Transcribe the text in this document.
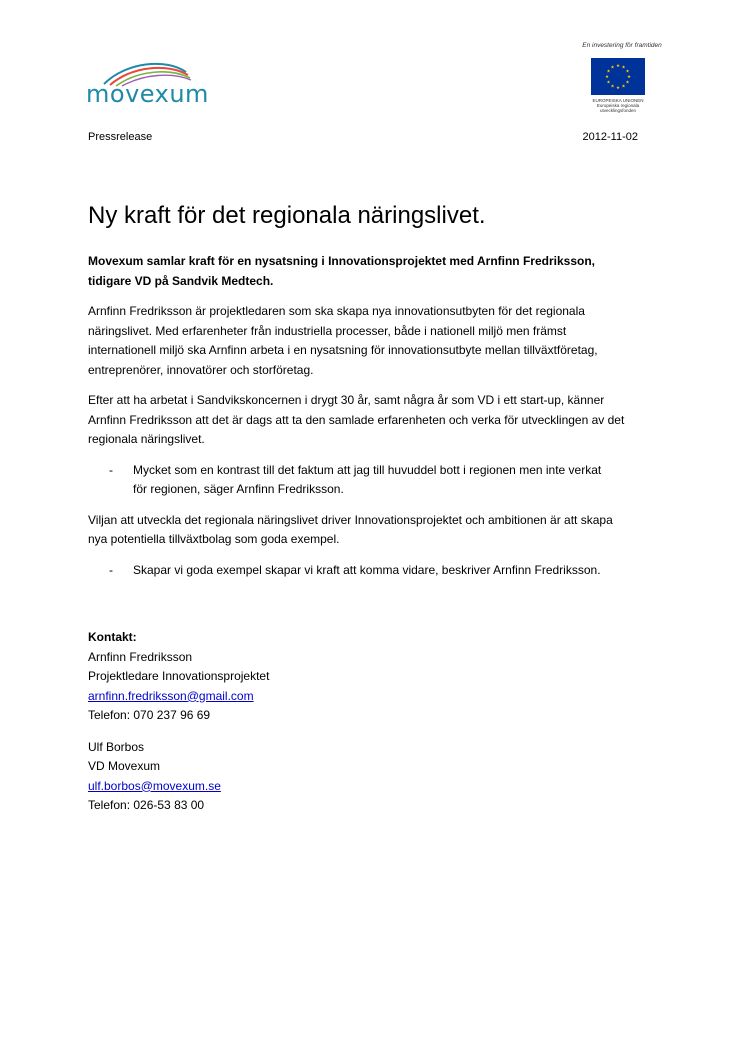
movexum
En investering för framtiden
★
★
★
★
★
★
★
★
★ ★ ★
★
EUROPEISKA UNIONEN
Europeiska regionala
utvecklingsfonden
Pressrelease	2012-11-02
Ny kraft för det regionala näringslivet.

Movexum samlar kraft för en nysatsning i Innovationsprojektet med Arnfinn Fredriksson,
tidigare VD på Sandvik Medtech.

Arnfinn Fredriksson är projektledaren som ska skapa nya innovationsutbyten för det regionala
näringslivet. Med erfarenheter från industriella processer, både i nationell miljö men främst
internationell miljö ska Arnfinn arbeta i en nysatsning för innovationsutbyte mellan tillväxtföretag,
entreprenörer, innovatörer och storföretag.

Efter att ha arbetat i Sandvikskoncernen i drygt 30 år, samt några år som VD i ett start-up, känner
Arnfinn Fredriksson att det är dags att ta den samlade erfarenheten och verka för utvecklingen av det
regionala näringslivet.

-	Mycket som en kontrast till det faktum att jag till huvuddel bott i regionen men inte verkat
för regionen, säger Arnfinn Fredriksson.

Viljan att utveckla det regionala näringslivet driver Innovationsprojektet och ambitionen är att skapa
nya potentiella tillväxtbolag som goda exempel.

-	Skapar vi goda exempel skapar vi kraft att komma vidare, beskriver Arnfinn Fredriksson.
Kontakt:
Arnfinn Fredriksson
Projektledare Innovationsprojektet
arnfinn.fredriksson@gmail.com
Telefon: 070 237 96 69
Ulf Borbos
VD Movexum
ulf.borbos@movexum.se
Telefon: 026-53 83 00
